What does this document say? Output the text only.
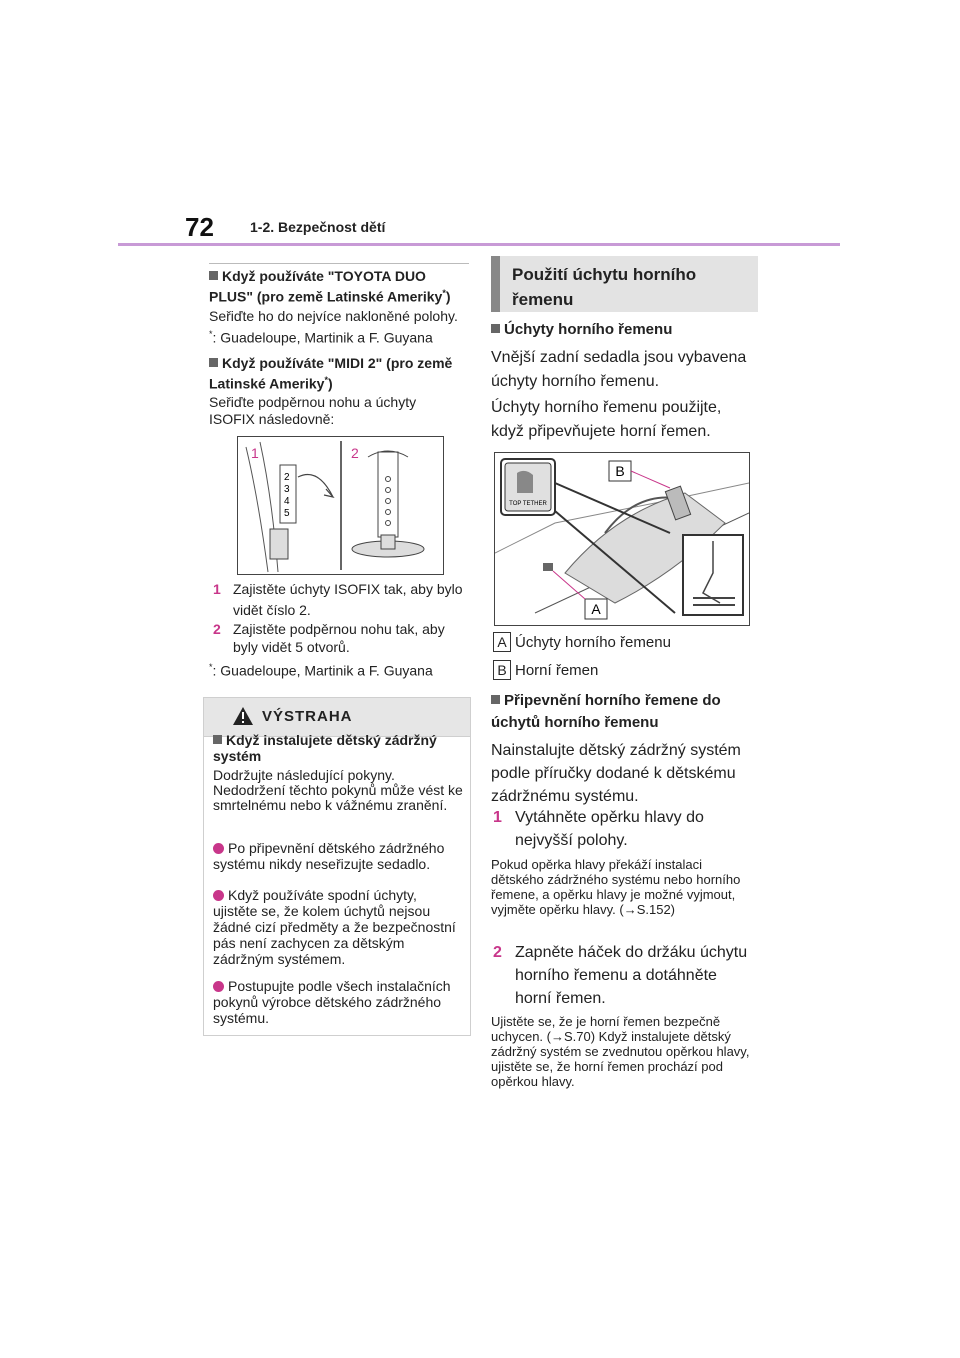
72	1-2. Bezpečnost dětí
Když používáte "TOYOTA DUO PLUS" (pro země Latinské Ameriky*)
Seřiďte ho do nejvíce nakloněné polohy.
*: Guadeloupe, Martinik a F. Guyana
Když používáte "MIDI 2" (pro země Latinské Ameriky*)
Seřiďte podpěrnou nohu a úchyty ISOFIX následovně:
1	2
2
3
4
5
1 Zajistěte úchyty ISOFIX tak, aby bylo vidět číslo 2.
2 Zajistěte podpěrnou nohu tak, aby byly vidět 5 otvorů.
*: Guadeloupe, Martinik a F. Guyana
VÝSTRAHA
Když instalujete dětský zádržný systém
Dodržujte následující pokyny. Nedodržení těchto pokynů může vést ke smrtelnému nebo k vážnému zranění.
Po připevnění dětského zádržného systému nikdy neseřizujte sedadlo.
Když používáte spodní úchyty, ujistěte se, že kolem úchytů nejsou žádné cizí předměty a že bezpečnostní pás není zachycen za dětským zádržným systémem.
Postupujte podle všech instalačních pokynů výrobce dětského zádržného systému.
Použití úchytu horního řemenu
Úchyty horního řemenu
Vnější zadní sedadla jsou vybavena úchyty horního řemenu.
Úchyty horního řemenu použijte, když připevňujete horní řemen.
TOP TETHER
B
A
A Úchyty horního řemenu
B Horní řemen
Připevnění horního řemene do úchytů horního řemenu
Nainstalujte dětský zádržný systém podle příručky dodané k dětskému zádržnému systému.
1 Vytáhněte opěrku hlavy do nejvyšší polohy.
Pokud opěrka hlavy překáží instalaci dětského zádržného systému nebo horního řemene, a opěrku hlavy je možné vyjmout, vyjměte opěrku hlavy. (→S.152)
2 Zapněte háček do držáku úchytu horního řemenu a dotáhněte horní řemen.
Ujistěte se, že je horní řemen bezpečně uchycen. (→S.70) Když instalujete dětský zádržný systém se zvednutou opěrkou hlavy, ujistěte se, že horní řemen prochází pod opěrkou hlavy.
